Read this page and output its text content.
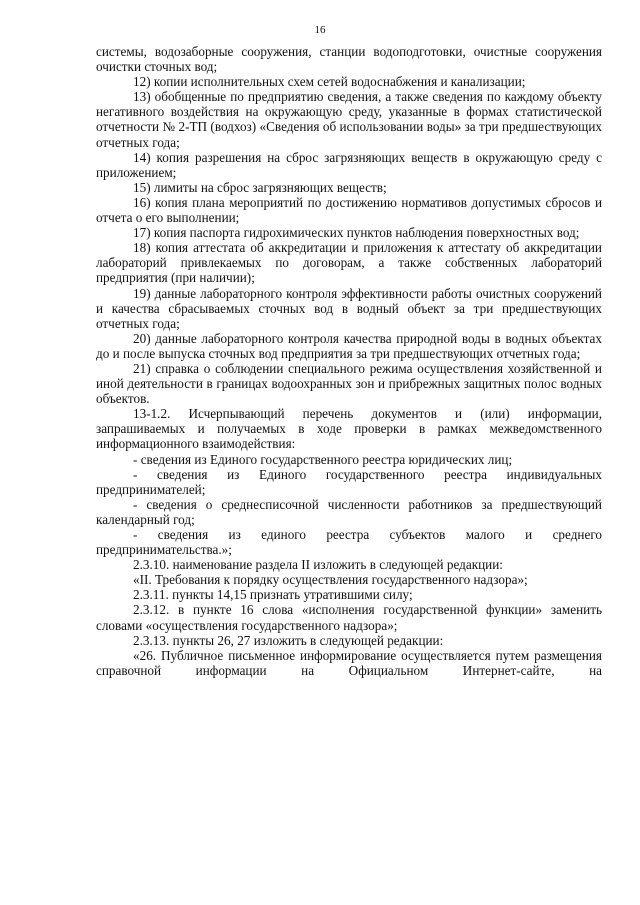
16

системы, водозаборные сооружения, станции водоподготовки, очистные сооружения очистки сточных вод;

12) копии исполнительных схем сетей водоснабжения и канализации;

13) обобщенные по предприятию сведения, а также сведения по каждому объекту негативного воздействия на окружающую среду, указанные в формах статистической отчетности № 2-ТП (водхоз) «Сведения об использовании воды» за три предшествующих отчетных года;

14) копия разрешения на сброс загрязняющих веществ в окружающую среду с приложением;

15) лимиты на сброс загрязняющих веществ;

16) копия плана мероприятий по достижению нормативов допустимых сбросов и отчета о его выполнении;

17) копия паспорта гидрохимических пунктов наблюдения поверхностных вод;

18) копия аттестата об аккредитации и приложения к аттестату об аккредитации лабораторий привлекаемых по договорам, а также собственных лабораторий предприятия (при наличии);

19) данные лабораторного контроля эффективности работы очистных сооружений и качества сбрасываемых сточных вод в водный объект за три предшествующих отчетных года;

20) данные лабораторного контроля качества природной воды в водных объектах до и после выпуска сточных вод предприятия за три предшествующих отчетных года;

21) справка о соблюдении специального режима осуществления хозяйственной и иной деятельности в границах водоохранных зон и прибрежных защитных полос водных объектов.

13-1.2. Исчерпывающий перечень документов и (или) информации, запрашиваемых и получаемых в ходе проверки в рамках межведомственного информационного взаимодействия:

- сведения из Единого государственного реестра юридических лиц;

- сведения из Единого государственного реестра индивидуальных предпринимателей;

- сведения о среднесписочной численности работников за предшествующий календарный год;

- сведения из единого реестра субъектов малого и среднего предпринимательства.»;

2.3.10. наименование раздела II изложить в следующей редакции:

«II. Требования к порядку осуществления государственного надзора»;

2.3.11. пункты 14,15 признать утратившими силу;

2.3.12. в пункте 16 слова «исполнения государственной функции» заменить словами «осуществления государственного надзора»;

2.3.13. пункты 26, 27 изложить в следующей редакции:

«26. Публичное письменное информирование осуществляется путем размещения справочной информации на Официальном Интернет-сайте, на
